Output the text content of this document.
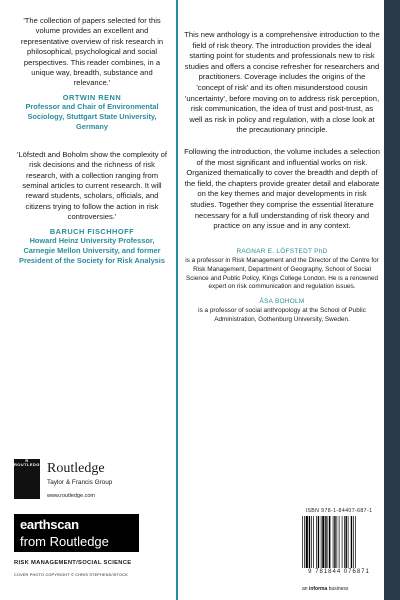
'The collection of papers selected for this volume provides an excellent and representative overview of risk research in philosophical, psychological and social perspectives. This reader combines, in a unique way, breadth, substance and relevance.'

ORTWIN RENN
Professor and Chair of Environmental Sociology, Stuttgart State University, Germany

'Löfstedt and Boholm show the complexity of risk decisions and the richness of risk research, with a collection ranging from seminal articles to current research. It will reward students, scholars, officials, and citizens trying to follow the action in risk controversies.'

BARUCH FISCHHOFF
Howard Heinz University Professor, Carnegie Mellon University, and former President of the Society for Risk Analysis

This new anthology is a comprehensive introduction to the field of risk theory. The introduction provides the ideal starting point for students and professionals new to risk studies and offers a concise refresher for researchers and practitioners. Coverage includes the origins of the 'concept of risk' and its often misunderstood cousin 'uncertainty', before moving on to address risk perception, risk communication, the idea of trust and post-trust, as well as risk in policy and regulation, with a close look at the precautionary principle.

Following the introduction, the volume includes a selection of the most significant and influential works on risk. Organized thematically to cover the breadth and depth of the field, the chapters provide greater detail and elaborate on the key themes and major developments in risk studies. Together they comprise the essential literature necessary for a full understanding of risk theory and practice on any issue and in any context.

RAGNAR E. LÖFSTEDT PhD

is a professor in Risk Management and the Director of the Centre for Risk Management, Department of Geography, School of Social Science and Public Policy, Kings College London. He is a renowned expert on risk communication and regulation issues.

ÅSA BOHOLM

is a professor of social anthropology at the School of Public Administration, Gothenburg University, Sweden.

R
ROUTLEDGE Routledge
Taylor & Francis Group
www.routledge.com
earthscan
from Routledge
RISK MANAGEMENT/SOCIAL SCIENCE
COVER PHOTO COPYRIGHT © CHRIS STEPHENS/ISTOCK
ISBN 978-1-84407-687-1
9 781844 076871
an informa business
